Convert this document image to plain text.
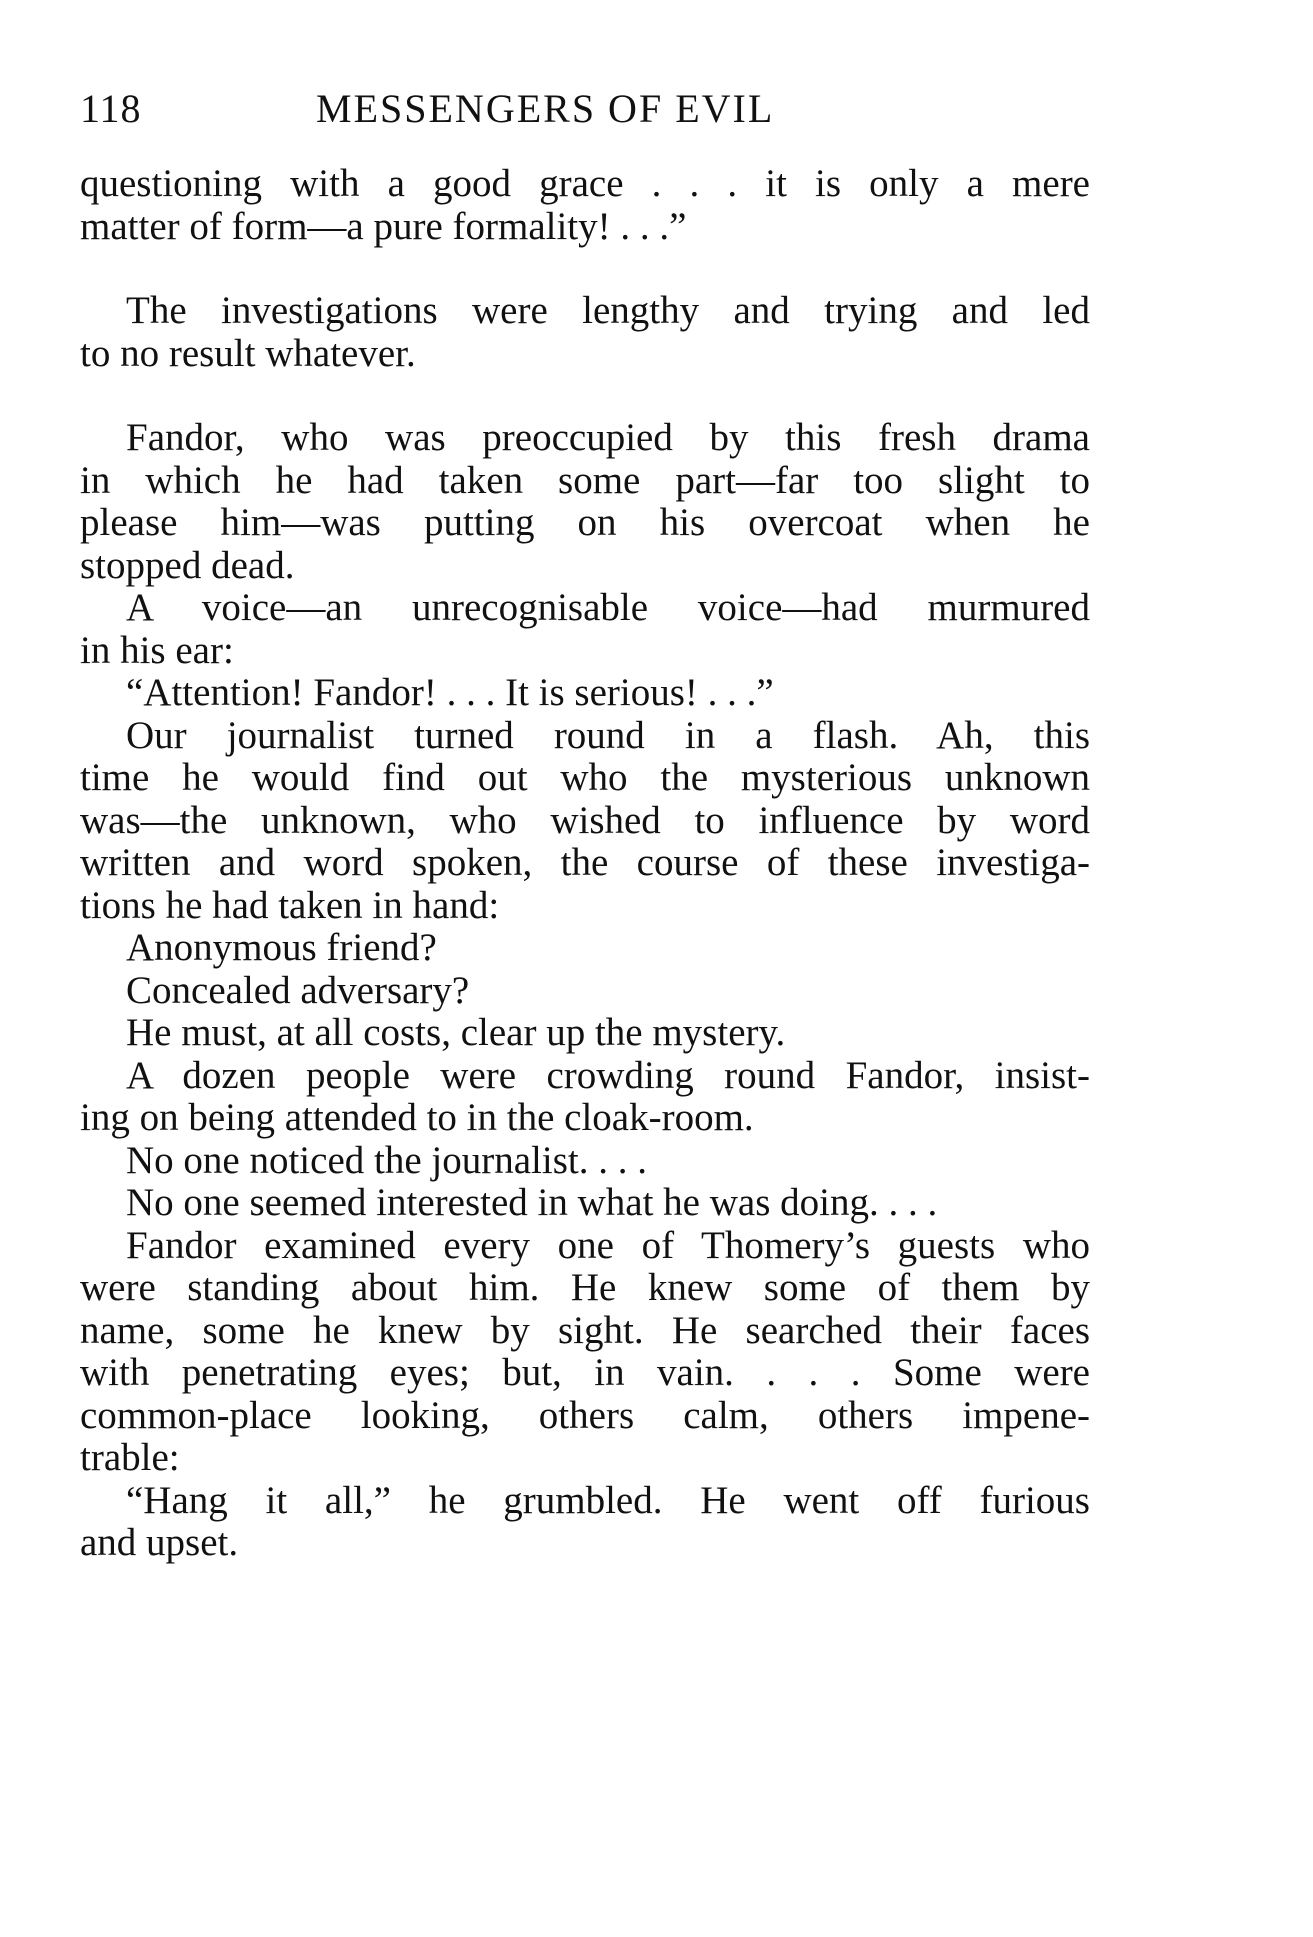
118	MESSENGERS OF EVIL
questioning with a good grace . . . it is only a mere
matter of form—a pure formality! . . .”
The investigations were lengthy and trying and led
to no result whatever.
Fandor, who was preoccupied by this fresh drama
in which he had taken some part—far too slight to
please him—was putting on his overcoat when he
stopped dead.
A voice—an unrecognisable voice—had murmured
in his ear:
“Attention! Fandor! . . . It is serious! . . .”
Our journalist turned round in a flash. Ah, this
time he would find out who the mysterious unknown
was—the unknown, who wished to influence by word
written and word spoken, the course of these investiga-
tions he had taken in hand:
Anonymous friend?
Concealed adversary?
He must, at all costs, clear up the mystery.
A dozen people were crowding round Fandor, insist-
ing on being attended to in the cloak-room.
No one noticed the journalist. . . .
No one seemed interested in what he was doing. . . .
Fandor examined every one of Thomery’s guests who
were standing about him. He knew some of them by
name, some he knew by sight. He searched their faces
with penetrating eyes; but, in vain. . . . Some were
common-place looking, others calm, others impene-
trable:
“Hang it all,” he grumbled. He went off furious
and upset.
